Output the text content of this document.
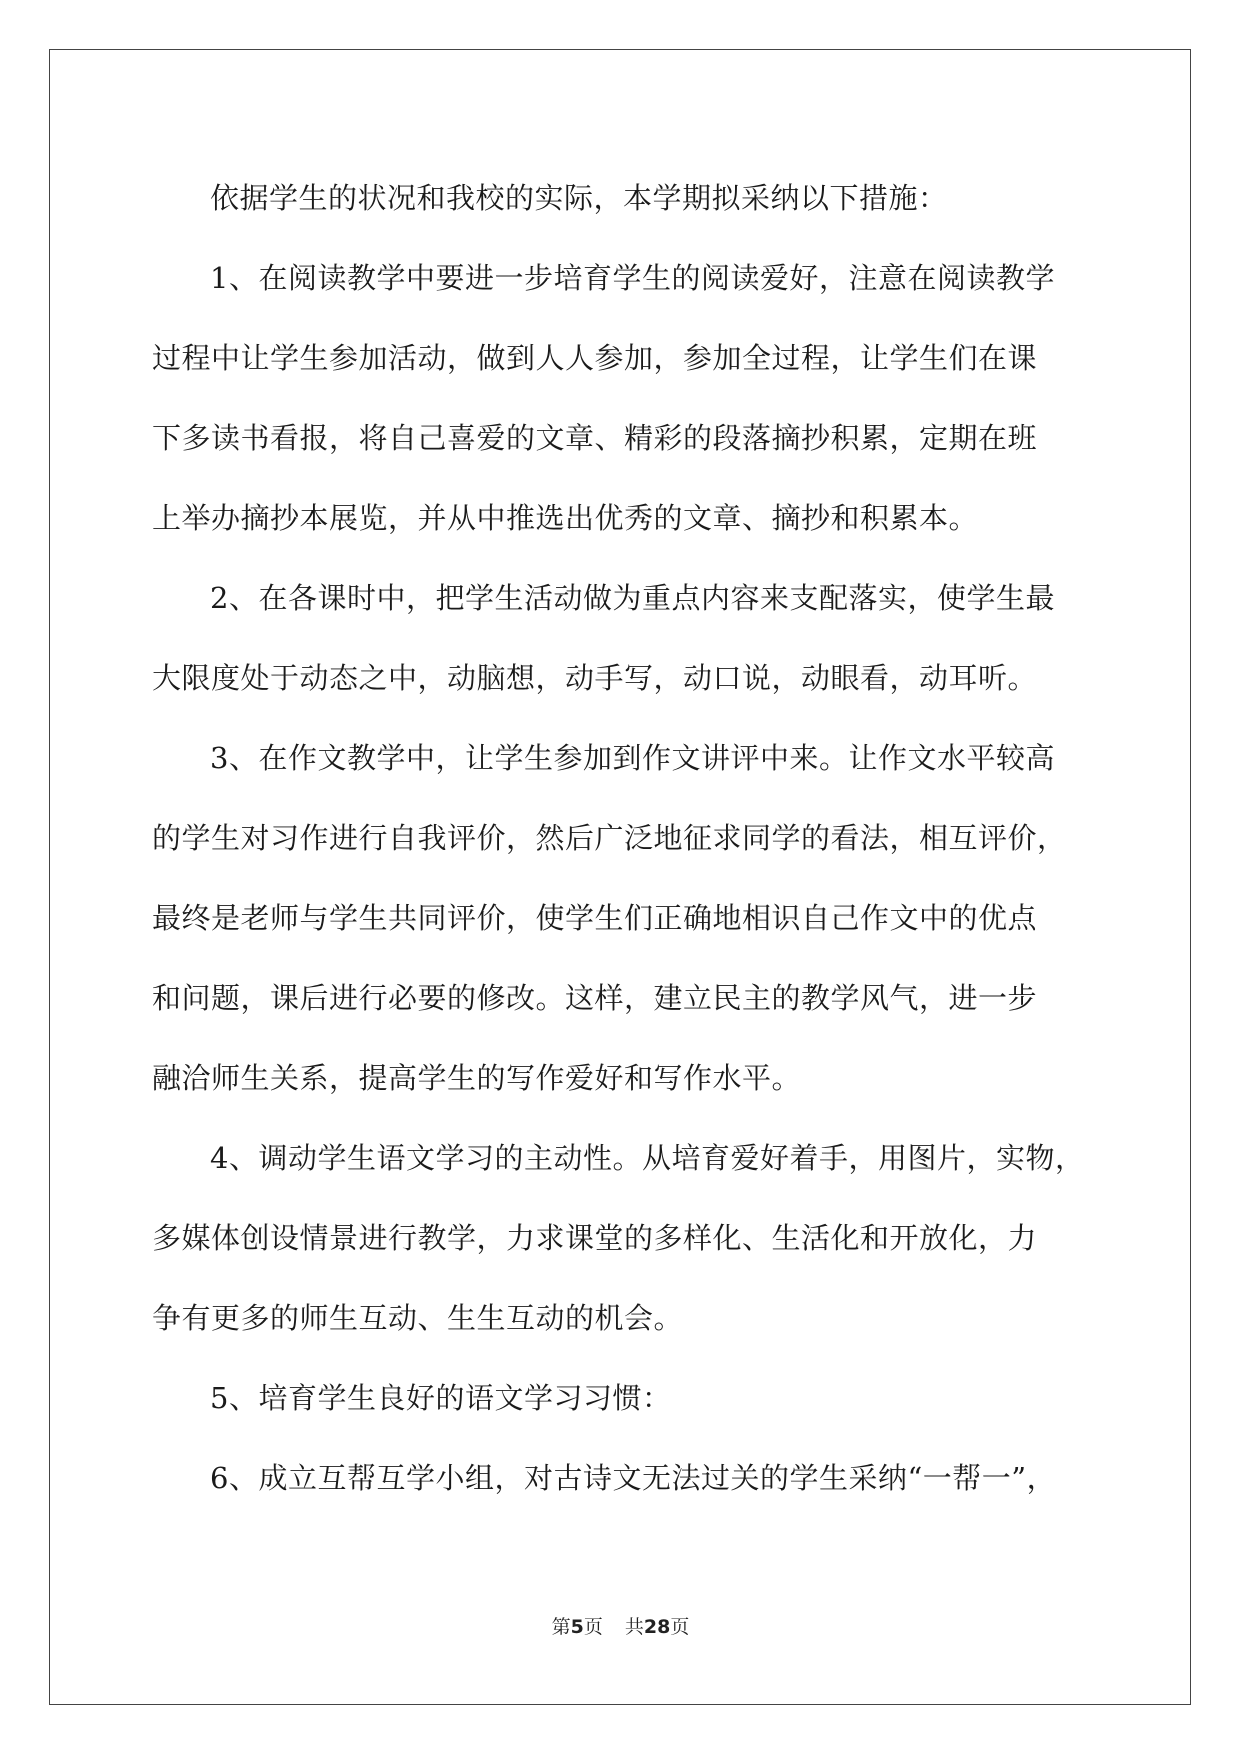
依据学生的状况和我校的实际，本学期拟采纳以下措施：
1、在阅读教学中要进一步培育学生的阅读爱好，注意在阅读教学
过程中让学生参加活动，做到人人参加，参加全过程，让学生们在课
下多读书看报，将自己喜爱的文章、精彩的段落摘抄积累，定期在班
上举办摘抄本展览，并从中推选出优秀的文章、摘抄和积累本。
2、在各课时中，把学生活动做为重点内容来支配落实，使学生最
大限度处于动态之中，动脑想，动手写，动口说，动眼看，动耳听。
3、在作文教学中，让学生参加到作文讲评中来。让作文水平较高
的学生对习作进行自我评价，然后广泛地征求同学的看法，相互评价，
最终是老师与学生共同评价，使学生们正确地相识自己作文中的优点
和问题，课后进行必要的修改。这样，建立民主的教学风气，进一步
融洽师生关系，提高学生的写作爱好和写作水平。
4、调动学生语文学习的主动性。从培育爱好着手，用图片，实物，
多媒体创设情景进行教学，力求课堂的多样化、生活化和开放化，力
争有更多的师生互动、生生互动的机会。
5、培育学生良好的语文学习习惯：
6、成立互帮互学小组，对古诗文无法过关的学生采纳“一帮一”，
第5页 共28页
